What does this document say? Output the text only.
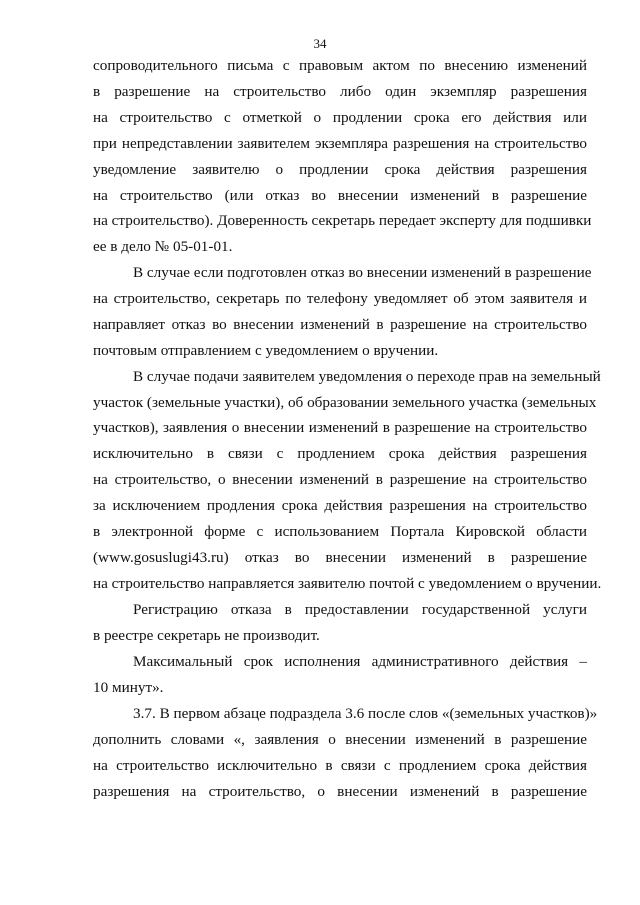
34
сопроводительного письма с правовым актом по внесению изменений
в разрешение на строительство либо один экземпляр разрешения
на строительство с отметкой о продлении срока его действия или
при непредставлении заявителем экземпляра разрешения на строительство
уведомление заявителю о продлении срока действия разрешения
на строительство (или отказ во внесении изменений в разрешение
на строительство). Доверенность секретарь передает эксперту для подшивки
ее в дело № 05-01-01.
В случае если подготовлен отказ во внесении изменений в разрешение
на строительство, секретарь по телефону уведомляет об этом заявителя и
направляет отказ во внесении изменений в разрешение на строительство
почтовым отправлением с уведомлением о вручении.
В случае подачи заявителем уведомления о переходе прав на земельный
участок (земельные участки), об образовании земельного участка (земельных
участков), заявления о внесении изменений в разрешение на строительство
исключительно в связи с продлением срока действия разрешения
на строительство, о внесении изменений в разрешение на строительство
за исключением продления срока действия разрешения на строительство
в электронной форме с использованием Портала Кировской области
(www.gosuslugi43.ru) отказ во внесении изменений в разрешение
на строительство направляется заявителю почтой с уведомлением о вручении.
Регистрацию отказа в предоставлении государственной услуги
в реестре секретарь не производит.
Максимальный срок исполнения административного действия –
10 минут».
3.7. В первом абзаце подраздела 3.6 после слов «(земельных участков)»
дополнить словами «, заявления о внесении изменений в разрешение
на строительство исключительно в связи с продлением срока действия
разрешения на строительство, о внесении изменений в разрешение
